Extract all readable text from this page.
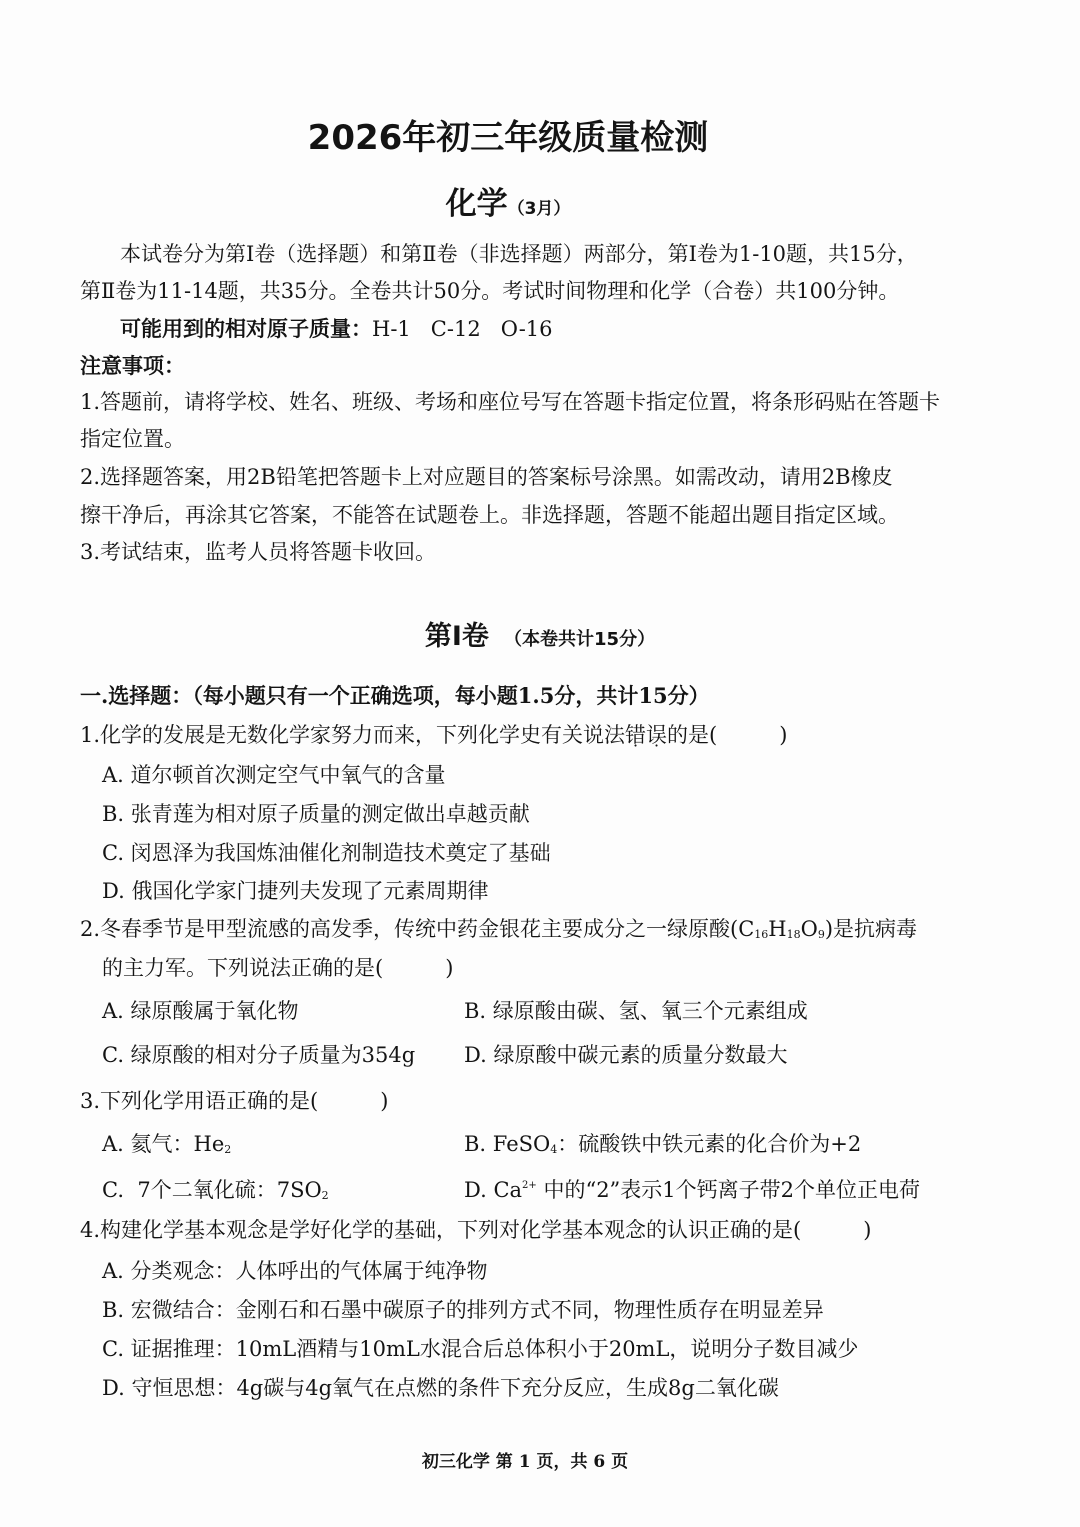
2026年初三年级质量检测
化学（3月）
本试卷分为第Ⅰ卷（选择题）和第Ⅱ卷（非选择题）两部分，第Ⅰ卷为1-10题，共15分，
第Ⅱ卷为11-14题，共35分。全卷共计50分。考试时间物理和化学（合卷）共100分钟。
可能用到的相对原子质量：H-1   C-12   O-16
注意事项：
1.答题前，请将学校、姓名、班级、考场和座位号写在答题卡指定位置，将条形码贴在答题卡
指定位置。
2.选择题答案，用2B铅笔把答题卡上对应题目的答案标号涂黑。如需改动，请用2B橡皮
擦干净后，再涂其它答案，不能答在试题卷上。非选择题，答题不能超出题目指定区域。
3.考试结束，监考人员将答题卡收回。
第Ⅰ卷 （本卷共计15分）
一.选择题：（每小题只有一个正确选项，每小题1.5分，共计15分）
1.化学的发展是无数化学家努力而来，下列化学史有关说法错误的是(	)
A. 道尔顿首次测定空气中氧气的含量
B. 张青莲为相对原子质量的测定做出卓越贡献
C. 闵恩泽为我国炼油催化剂制造技术奠定了基础
D. 俄国化学家门捷列夫发现了元素周期律
2.冬春季节是甲型流感的高发季，传统中药金银花主要成分之一绿原酸(C16H18O9)是抗病毒
的主力军。下列说法正确的是(	)
A. 绿原酸属于氧化物	B. 绿原酸由碳、氢、氧三个元素组成
C. 绿原酸的相对分子质量为354g D. 绿原酸中碳元素的质量分数最大
3.下列化学用语正确的是(	)
A. 氦气：He2	B. FeSO4：硫酸铁中铁元素的化合价为+2
C.  7个二氧化硫：7SO2	D. $Ca^{2+}$ 中的“2”表示1个钙离子带2个单位正电荷
4.构建化学基本观念是学好化学的基础，下列对化学基本观念的认识正确的是(	)
A. 分类观念：人体呼出的气体属于纯净物
B. 宏微结合：金刚石和石墨中碳原子的排列方式不同，物理性质存在明显差异
C. 证据推理：10mL酒精与10mL水混合后总体积小于20mL，说明分子数目减少
D. 守恒思想：4g碳与4g氧气在点燃的条件下充分反应，生成8g二氧化碳
初三化学 第 1 页，共 6 页
